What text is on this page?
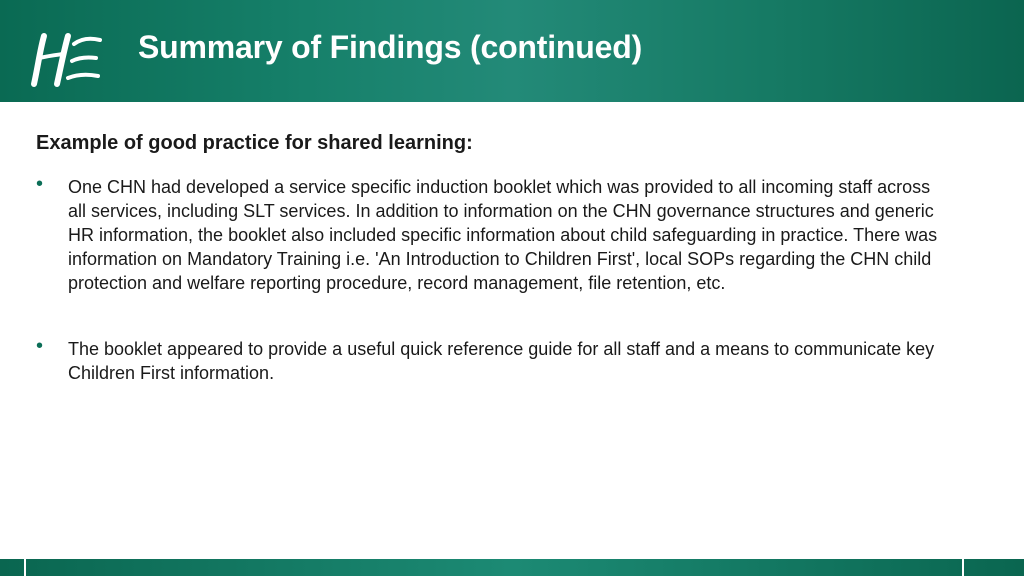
Summary of Findings (continued)
Example of good practice for shared learning:
• One CHN had developed a service specific induction booklet which was provided to all incoming staff across all services, including SLT services. In addition to information on the CHN governance structures and generic HR information, the booklet also included specific information about child safeguarding in practice. There was information on Mandatory Training i.e. 'An Introduction to Children First', local SOPs regarding the CHN child protection and welfare reporting procedure, record management, file retention, etc.
• The booklet appeared to provide a useful quick reference guide for all staff and a means to communicate key Children First information.
